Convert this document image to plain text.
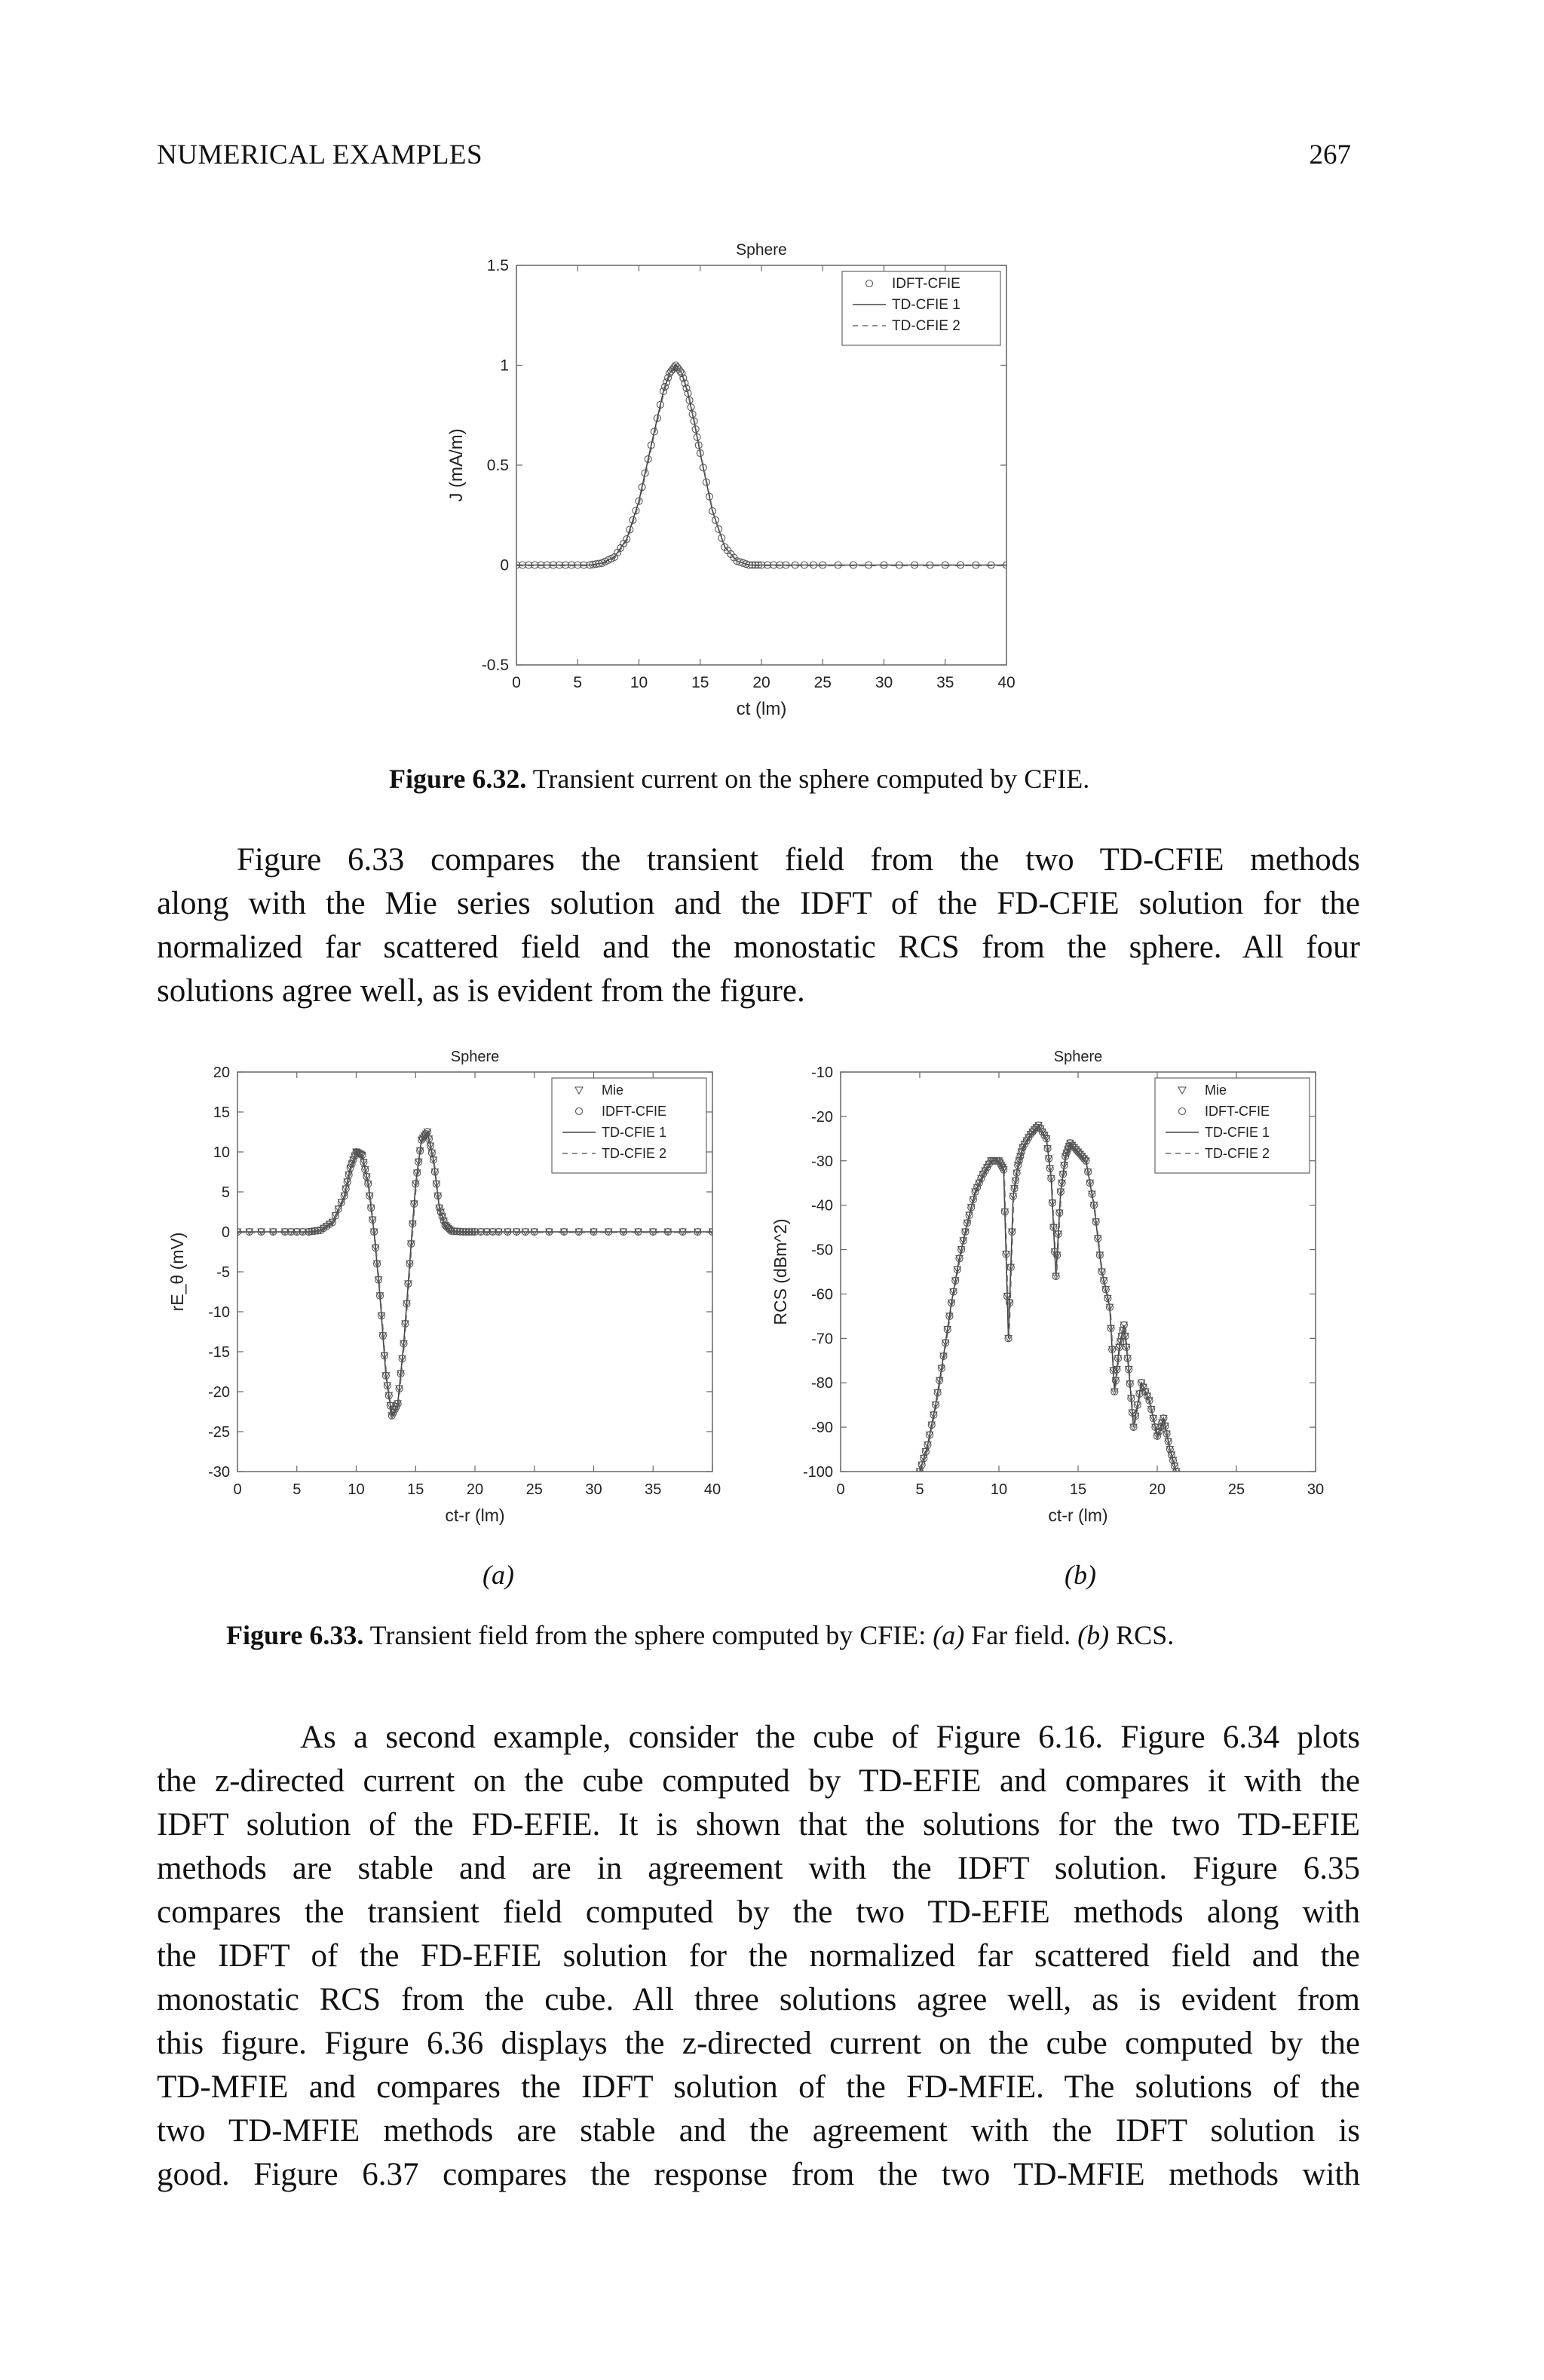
NUMERICAL EXAMPLES	267
0	5	10	15	20	25	30	35	40
-0.5
0
0.5
1
1.5
Sphere
ct (lm)
J (mA/m)
IDFT-CFIE
TD-CFIE 1
TD-CFIE 2
Figure 6.32. Transient current on the sphere computed by CFIE.
Figure 6.33 compares the transient field from the two TD-CFIE methods
along with the Mie series solution and the IDFT of the FD-CFIE solution for the
normalized far scattered field and the monostatic RCS from the sphere. All four
solutions agree well, as is evident from the figure.
0	5	10	15	20	25	30	35	40
-30
-25
-20
-15
-10
-5
0
5
10
15
20
Sphere
ct-r (lm)
rE_θ (mV)
Mie
IDFT-CFIE
TD-CFIE 1
TD-CFIE 2
0	5	10	15	20	25	30
-100
-90
-80
-70
-60
-50
-40
-30
-20
-10
Sphere
ct-r (lm)
RCS (dBm^2)
Mie
IDFT-CFIE
TD-CFIE 1
TD-CFIE 2
(a)	(b)
Figure 6.33. Transient field from the sphere computed by CFIE: (a) Far field. (b) RCS.
As a second example, consider the cube of Figure 6.16. Figure 6.34 plots
the z-directed current on the cube computed by TD-EFIE and compares it with the
IDFT solution of the FD-EFIE. It is shown that the solutions for the two TD-EFIE
methods are stable and are in agreement with the IDFT solution. Figure 6.35
compares the transient field computed by the two TD-EFIE methods along with
the IDFT of the FD-EFIE solution for the normalized far scattered field and the
monostatic RCS from the cube. All three solutions agree well, as is evident from
this figure. Figure 6.36 displays the z-directed current on the cube computed by the
TD-MFIE and compares the IDFT solution of the FD-MFIE. The solutions of the
two TD-MFIE methods are stable and the agreement with the IDFT solution is
good. Figure 6.37 compares the response from the two TD-MFIE methods with
